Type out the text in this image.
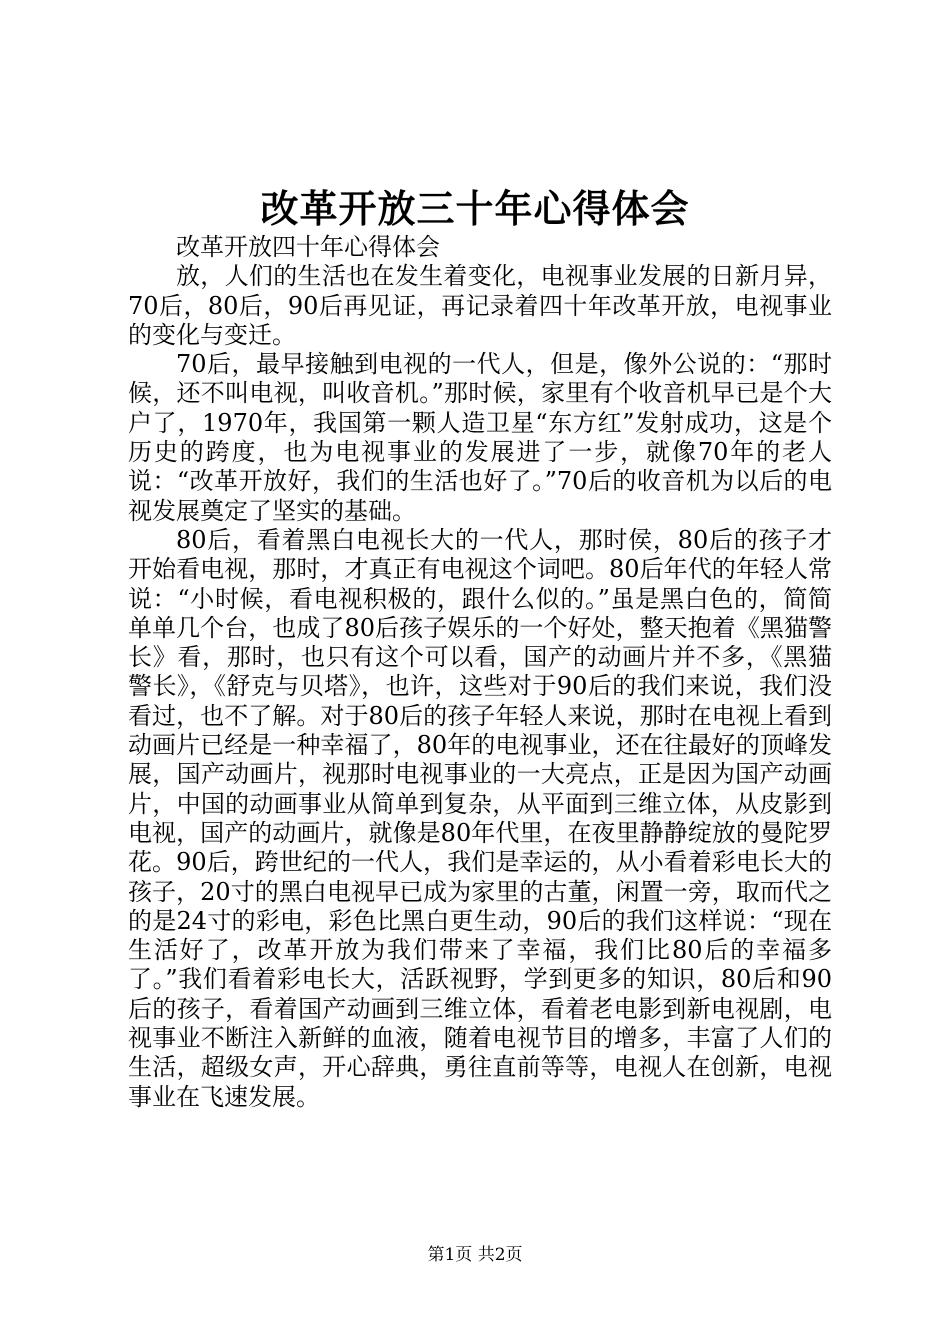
改革开放三十年心得体会

改革开放四十年心得体会

放，人们的生活也在发生着变化，电视事业发展的日新月异，70后，80后，90后再见证，再记录着四十年改革开放，电视事业的变化与变迁。

70后，最早接触到电视的一代人，但是，像外公说的：“那时候，还不叫电视，叫收音机。”那时候，家里有个收音机早已是个大户了，1970年，我国第一颗人造卫星“东方红”发射成功，这是个历史的跨度，也为电视事业的发展进了一步，就像70年的老人说：“改革开放好，我们的生活也好了。”70后的收音机为以后的电视发展奠定了坚实的基础。

80后，看着黑白电视长大的一代人，那时侯，80后的孩子才开始看电视，那时，才真正有电视这个词吧。80后年代的年轻人常说：“小时候，看电视积极的，跟什么似的。”虽是黑白色的，简简单单几个台，也成了80后孩子娱乐的一个好处，整天抱着《黑猫警长》看，那时，也只有这个可以看，国产的动画片并不多，《黑猫警长》，《舒克与贝塔》，也许，这些对于90后的我们来说，我们没看过，也不了解。对于80后的孩子年轻人来说，那时在电视上看到动画片已经是一种幸福了，80年的电视事业，还在往最好的顶峰发展，国产动画片，视那时电视事业的一大亮点，正是因为国产动画片，中国的动画事业从简单到复杂，从平面到三维立体，从皮影到电视，国产的动画片，就像是80年代里，在夜里静静绽放的曼陀罗花。90后，跨世纪的一代人，我们是幸运的，从小看着彩电长大的孩子，20寸的黑白电视早已成为家里的古董，闲置一旁，取而代之的是24寸的彩电，彩色比黑白更生动，90后的我们这样说：“现在生活好了，改革开放为我们带来了幸福，我们比80后的幸福多了。”我们看着彩电长大，活跃视野，学到更多的知识，80后和90后的孩子，看着国产动画到三维立体，看着老电影到新电视剧，电视事业不断注入新鲜的血液，随着电视节目的增多，丰富了人们的生活，超级女声，开心辞典，勇往直前等等，电视人在创新，电视事业在飞速发展。

第1页 共2页
